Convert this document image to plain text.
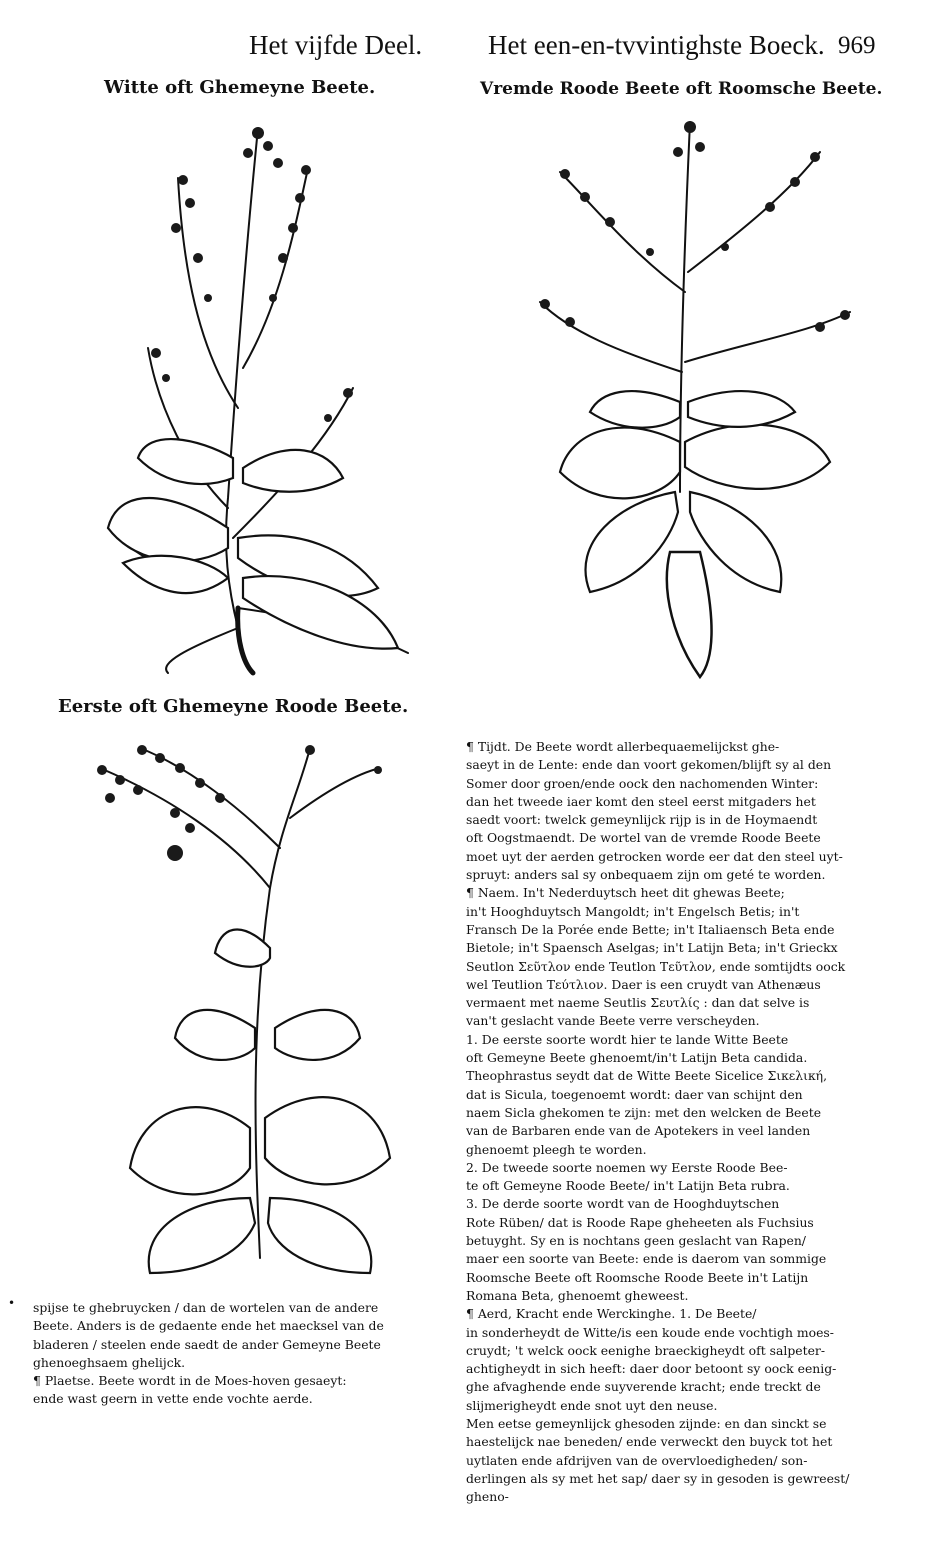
Het vijfde Deel. Het een-en-tvvintighste Boeck. 969
Witte oft Ghemeyne Beete.	Vremde Roode Beete oft Roomsche Beete.
Eerste oft Ghemeyne Roode Beete.
• spijse te ghebruycken / dan de wortelen van de andere
Beete. Anders is de gedaente ende het maecksel van de
bladeren / steelen ende saedt de ander Gemeyne Beete
ghenoeghsaem ghelijck.
¶ Plaetse. Beete wordt in de Moes-hoven gesaeyt:
ende wast geern in vette ende vochte aerde.
¶ Tijdt. De Beete wordt allerbequaemelijckst ghe-
saeyt in de Lente: ende dan voort gekomen/blijft sy al den
Somer door groen/ende oock den nachomenden Winter:
dan het tweede iaer komt den steel eerst mitgaders het
saedt voort: twelck gemeynlijck rijp is in de Hoymaendt
oft Oogstmaendt. De wortel van de vremde Roode Beete
moet uyt der aerden getrocken worde eer dat den steel uyt-
spruyt: anders sal sy onbequaem zijn om geté te worden.
¶ Naem. In't Nederduytsch heet dit ghewas Beete;
in't Hooghduytsch Mangoldt; in't Engelsch Betis; in't
Fransch De la Porée ende Bette; in't Italiaensch Beta ende
Bietole; in't Spaensch Aselgas; in't Latijn Beta; in't Grieckx
Seutlon Σεῦτλον ende Teutlon Τεῦτλον, ende somtijdts oock
wel Teutlion Τεύτλιον. Daer is een cruydt van Athenæus
vermaent met naeme Seutlis Σευτλίς : dan dat selve is
van't geslacht vande Beete verre verscheyden.
1. De eerste soorte wordt hier te lande Witte Beete
oft Gemeyne Beete ghenoemt/in't Latijn Beta candida.
Theophrastus seydt dat de Witte Beete Sicelice Σικελική,
dat is Sicula, toegenoemt wordt: daer van schijnt den
naem Sicla ghekomen te zijn: met den welcken de Beete
van de Barbaren ende van de Apotekers in veel landen
ghenoemt pleegh te worden.
2. De tweede soorte noemen wy Eerste Roode Bee-
te oft Gemeyne Roode Beete/ in't Latijn Beta rubra.
3. De derde soorte wordt van de Hooghduytschen
Rote Rüben/ dat is Roode Rape gheheeten als Fuchsius
betuyght. Sy en is nochtans geen geslacht van Rapen/
maer een soorte van Beete: ende is daerom van sommige
Roomsche Beete oft Roomsche Roode Beete in't Latijn
Romana Beta, ghenoemt gheweest.
¶ Aerd, Kracht ende Werckinghe. 1. De Beete/
in sonderheydt de Witte/is een koude ende vochtigh moes-
cruydt; 't welck oock eenighe braeckigheydt oft salpeter-
achtigheydt in sich heeft: daer door betoont sy oock eenig-
ghe afvaghende ende suyverende kracht; ende treckt de
slijmerigheydt ende snot uyt den neuse.
Men eetse gemeynlijck ghesoden zijnde: en dan sinckt se
haestelijck nae beneden/ ende verweckt den buyck tot het
uytlaten ende afdrijven van de overvloedigheden/ son-
derlingen als sy met het sap/ daer sy in gesoden is gewreest/
gheno-
